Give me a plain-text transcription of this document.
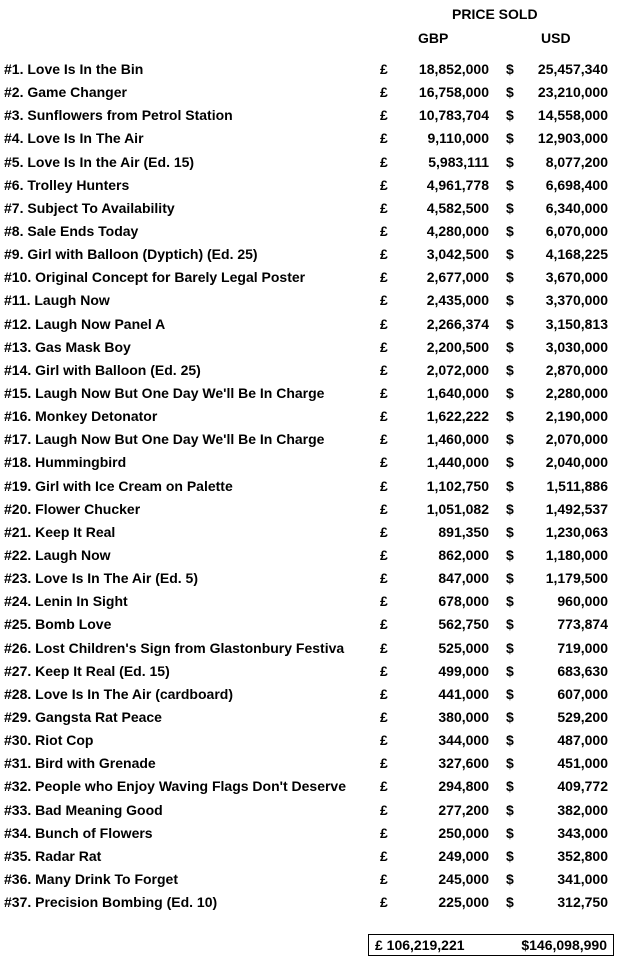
PRICE SOLD
GBP	USD
#1. Love Is In the Bin	£ 18,852,000 $ 25,457,340
#2. Game Changer	£ 16,758,000 $ 23,210,000
#3. Sunflowers from Petrol Station	£ 10,783,704 $ 14,558,000
#4. Love Is In The Air	£	9,110,000 $ 12,903,000
#5. Love Is In the Air (Ed. 15)	£	5,983,111 $ 8,077,200
#6. Trolley Hunters	£	4,961,778 $ 6,698,400
#7. Subject To Availability	£	4,582,500 $ 6,340,000
#8. Sale Ends Today	£	4,280,000 $ 6,070,000
#9. Girl with Balloon (Dyptich) (Ed. 25)	£	3,042,500 $ 4,168,225
#10. Original Concept for Barely Legal Poster	£	2,677,000 $ 3,670,000
#11. Laugh Now	£	2,435,000 $ 3,370,000
#12. Laugh Now Panel A	£	2,266,374 $ 3,150,813
#13. Gas Mask Boy	£	2,200,500 $ 3,030,000
#14. Girl with Balloon (Ed. 25)	£	2,072,000 $ 2,870,000
#15. Laugh Now But One Day We'll Be In Charge	£	1,640,000 $ 2,280,000
#16. Monkey Detonator	£	1,622,222 $ 2,190,000
#17. Laugh Now But One Day We'll Be In Charge	£	1,460,000 $ 2,070,000
#18. Hummingbird	£	1,440,000 $ 2,040,000
#19. Girl with Ice Cream on Palette	£	1,102,750 $ 1,511,886
#20. Flower Chucker	£	1,051,082 $ 1,492,537
#21. Keep It Real	£	891,350 $ 1,230,063
#22. Laugh Now	£	862,000 $ 1,180,000
#23. Love Is In The Air (Ed. 5)	£	847,000 $ 1,179,500
#24. Lenin In Sight	£	678,000 $	960,000
#25. Bomb Love	£	562,750 $	773,874
#26. Lost Children's Sign from Glastonbury Festiva	£	525,000 $	719,000
#27. Keep It Real (Ed. 15)	£	499,000 $	683,630
#28. Love Is In The Air (cardboard)	£	441,000 $	607,000
#29. Gangsta Rat Peace	£	380,000 $	529,200
#30. Riot Cop	£	344,000 $	487,000
#31. Bird with Grenade	£	327,600 $	451,000
#32. People who Enjoy Waving Flags Don't Deserve	£	294,800 $	409,772
#33. Bad Meaning Good	£	277,200 $	382,000
#34. Bunch of Flowers	£	250,000 $	343,000
#35. Radar Rat	£	249,000 $	352,800
#36. Many Drink To Forget	£	245,000 $	341,000
#37. Precision Bombing (Ed. 10)	£	225,000 $	312,750
£ 106,219,221	$146,098,990
